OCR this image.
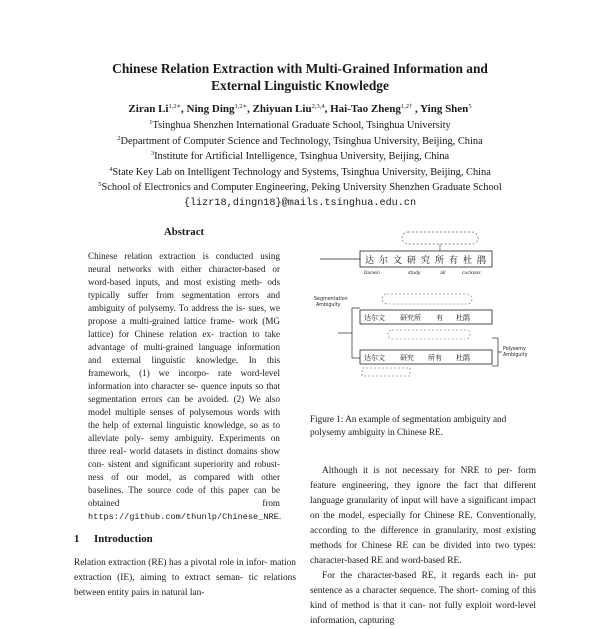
Chinese Relation Extraction with Multi-Grained Information and
External Linguistic Knowledge
Ziran $Li^{1,2∗}$, Ning Ding$^{1,2∗}$, Zhiyuan Liu$^{2,3,4}$, Hai-Tao Zheng$^{1,2\dagger}$ , Ying Shen$^5$
$^1$Tsinghua Shenzhen International Graduate School, Tsinghua University
$^2$Department of Computer Science and Technology, Tsinghua University, Beijing, China
$^3$Institute for Artificial Intelligence, Tsinghua University, Beijing, China
$^4$State Key Lab on Intelligent Technology and Systems, Tsinghua University, Beijing, China
$^5$School of Electronics and Computer Engineering, Peking University Shenzhen Graduate School
{lizr18,dingn18}@mails.tsinghua.edu.cn
Abstract
Chinese relation extraction is conducted using neural networks with either character-based or word-based inputs, and most existing meth- ods typically suffer from segmentation errors and ambiguity of polysemy. To address the is- sues, we propose a multi-grained lattice frame- work (MG lattice) for Chinese relation ex- traction to take advantage of multi-grained language information and external linguistic knowledge. In this framework, (1) we incorpo- rate word-level information into character se- quence inputs so that segmentation errors can be avoided. (2) We also model multiple senses of polysemous words with the help of external linguistic knowledge, so as to alleviate poly- semy ambiguity. Experiments on three real- world datasets in distinct domains show con- sistent and significant superiority and robust- ness of our model, as compared with other baselines. The source code of this paper can be obtained from https://github.com/thunlp/Chinese_NRE.
达 尔 文 研 究 所 有 杜 鹃
Darwin	study	all	cuckoos
Segmentation
Ambiguity
达尔文 研究所 有 杜鹃
达尔文 研究 所有 杜鹃
Polysemy
Ambiguity
Figure 1: An example of segmentation ambiguity and polysemy ambiguity in Chinese RE.

Although it is not necessary for NRE to per- form feature engineering, they ignore the fact that different language granularity of input will have a significant impact on the model, especially for Chinese RE. Conventionally, according to the difference in granularity, most existing methods for Chinese RE can be divided into two types: character-based RE and word-based RE.

For the character-based RE, it regards each in- put sentence as a character sequence. The short- coming of this kind of method is that it can- not fully exploit word-level information, capturing

1 Introduction
Relation extraction (RE) has a pivotal role in infor- mation extraction (IE), aiming to extract seman- tic relations between entity pairs in natural lan-
